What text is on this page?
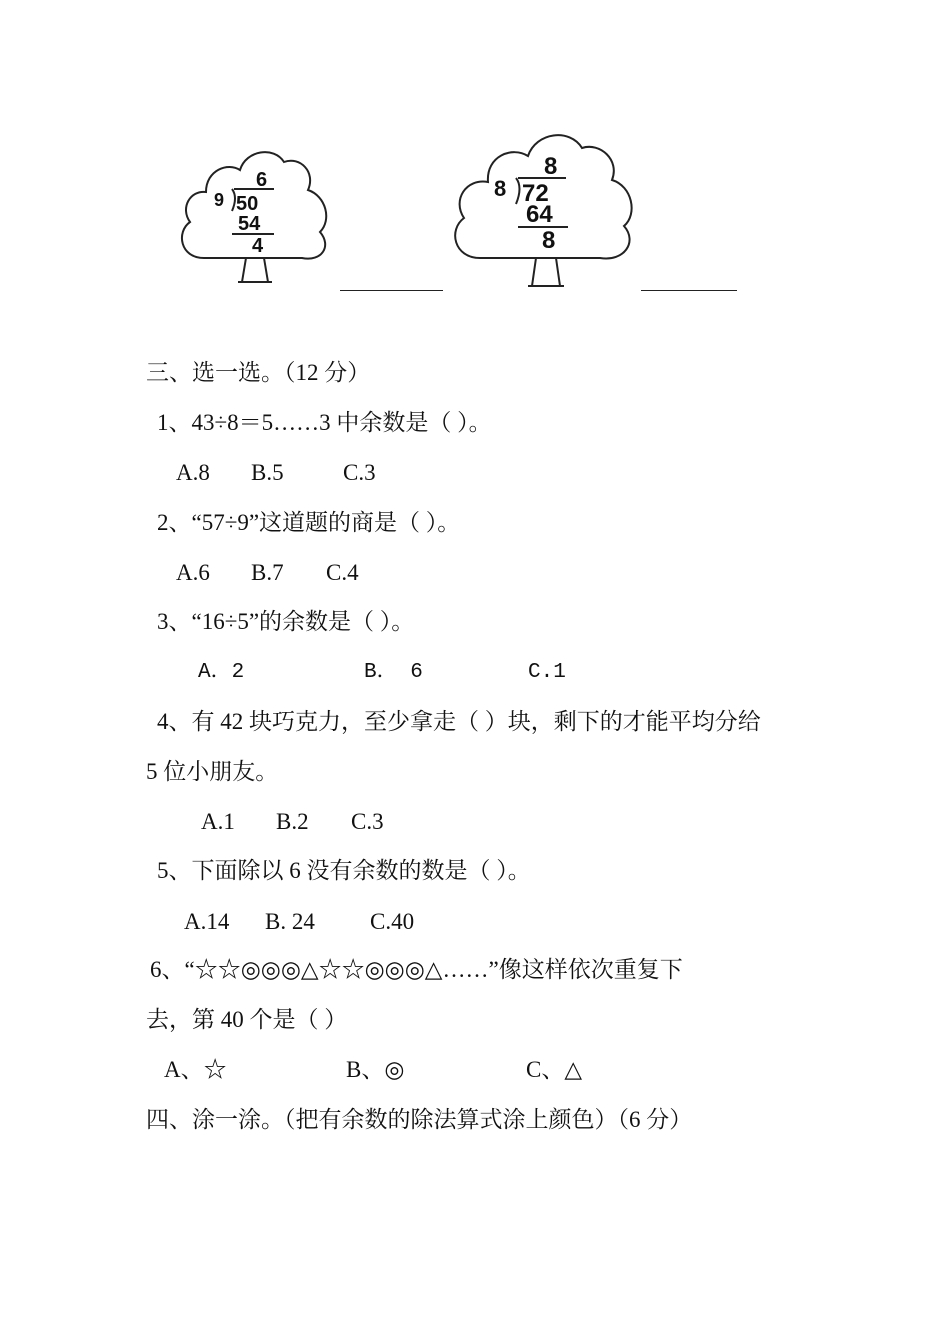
6
9 50
54
4
8
8 72
64
8
三、选一选。（12 分）
1、43÷8＝5……3 中余数是（ ）。
A.8 B.5	C.3
2、“57÷9”这道题的商是（ ）。
A.6 B.7 C.4
3、“16÷5”的余数是（ ）。
A．2	B． 6	C.1
4、有 42 块巧克力，至少拿走（ ）块，剩下的才能平均分给
5 位小朋友。
A.1 B.2 C.3
5、下面除以 6 没有余数的数是（ ）。
A.14 B. 24 C.40
6、“☆☆◎◎◎△☆☆◎◎◎△……”像这样依次重复下
去，第 40 个是（ ）
A、☆	B、◎	C、△
四、涂一涂。（把有余数的除法算式涂上颜色）（6 分）
